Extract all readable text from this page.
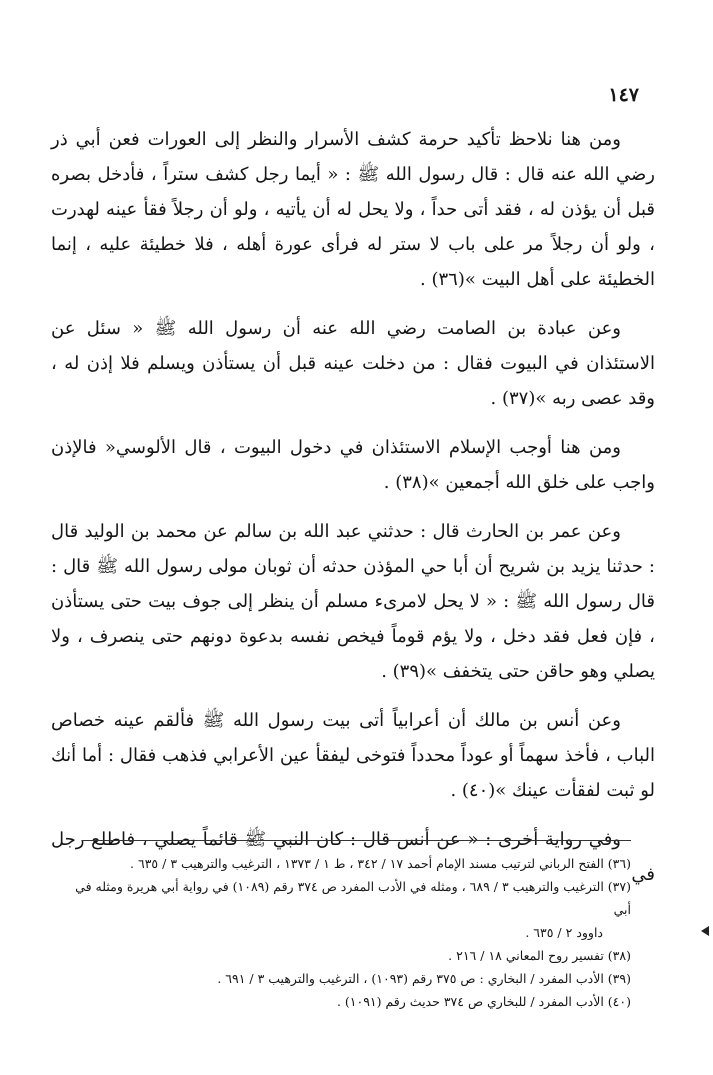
١٤٧

ومن هنا نلاحظ تأكيد حرمة كشف الأسرار والنظر إلى العورات فعن أبي ذر رضي الله عنه قال : قال رسول الله ﷺ : « أيما رجل كشف ستراً ، فأدخل بصره قبل أن يؤذن له ، فقد أتى حداً ، ولا يحل له أن يأتيه ، ولو أن رجلاً فقأ عينه لهدرت ، ولو أن رجلاً مر على باب لا ستر له فرأى عورة أهله ، فلا خطيئة عليه ، إنما الخطيئة على أهل البيت »(٣٦) .

وعن عبادة بن الصامت رضي الله عنه أن رسول الله ﷺ « سئل عن الاستئذان في البيوت فقال : من دخلت عينه قبل أن يستأذن ويسلم فلا إذن له ، وقد عصى ربه »(٣٧) .

ومن هنا أوجب الإسلام الاستئذان في دخول البيوت ، قال الألوسي« فالإذن واجب على خلق الله أجمعين »(٣٨) .

وعن عمر بن الحارث قال : حدثني عبد الله بن سالم عن محمد بن الوليد قال : حدثنا يزيد بن شريح أن أبا حي المؤذن حدثه أن ثوبان مولى رسول الله ﷺ قال : قال رسول الله ﷺ : « لا يحل لامرىء مسلم أن ينظر إلى جوف بيت حتى يستأذن ، فإن فعل فقد دخل ، ولا يؤم قوماً فيخص نفسه بدعوة دونهم حتى ينصرف ، ولا يصلي وهو حاقن حتى يتخفف »(٣٩) .

وعن أنس بن مالك أن أعرابياً أتى بيت رسول الله ﷺ فألقم عينه خصاص الباب ، فأخذ سهماً أو عوداً محدداً فتوخى ليفقأ عين الأعرابي فذهب فقال : أما أنك لو ثبت لفقأت عينك »(٤٠) .

وفي رواية أخرى : « عن أنس قال : كان النبي ﷺ قائماً يصلي ، فاطلع رجل في

(٣٦) الفتح الرباني لترتيب مسند الإمام أحمد ١٧ / ٣٤٢ ، ط ١ / ١٣٧٣ ، الترغيب والترهيب ٣ / ٦٣٥ .

(٣٧) الترغيب والترهيب ٣ / ٦٨٩ ، ومثله في الأدب المفرد ص ٣٧٤ رقم (١٠٨٩) في رواية أبي هريرة ومثله في أبي

داوود ٢ / ٦٣٥ .

(٣٨) تفسير روح المعاني ١٨ / ٢١٦ .

(٣٩) الأدب المفرد / البخاري : ص ٣٧٥ رقم (١٠٩٣) ، الترغيب والترهيب ٣ / ٦٩١ .

(٤٠) الأدب المفرد / للبخاري ص ٣٧٤ حديث رقم (١٠٩١) .
